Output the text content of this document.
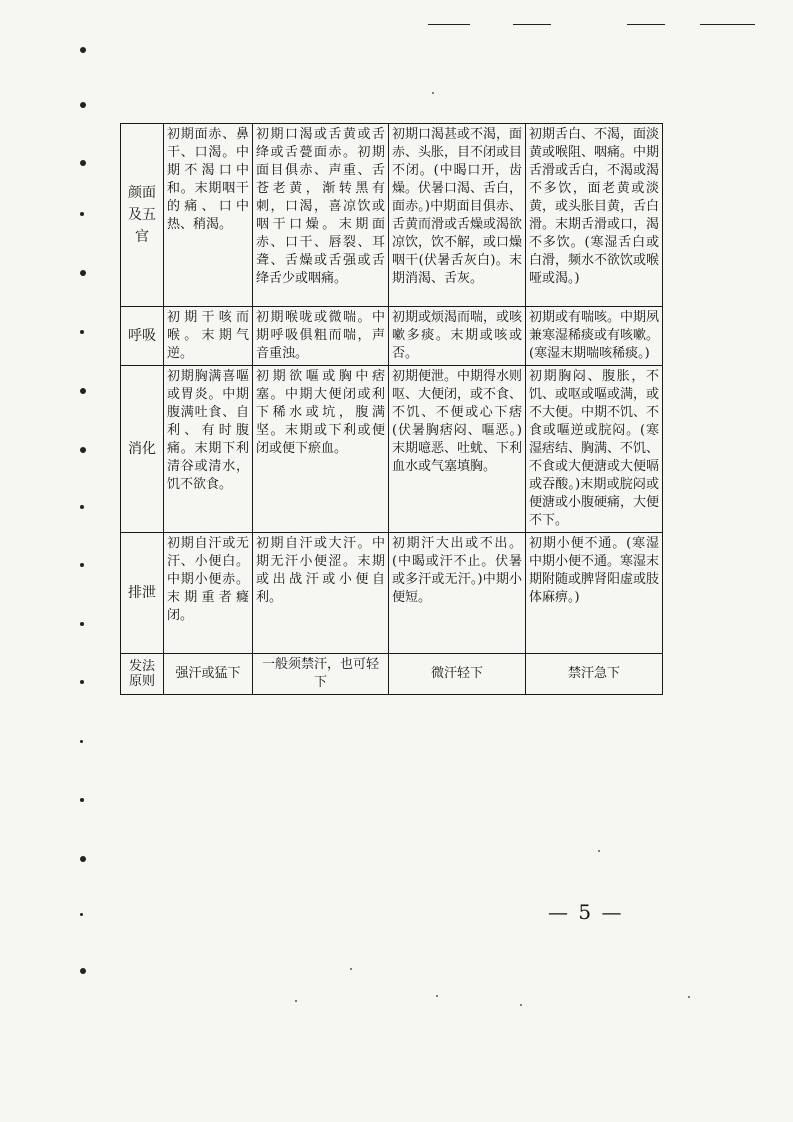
颜面及五官	初期面赤、鼻干、口渴。中期不渴口中和。末期咽干的痛、口中热、稍渴。	初期口渴或舌黄或舌绛或舌甍面赤。初期面目俱赤、声重、舌苍老黄，渐转黑有刺，口渴，喜凉饮或咽干口燥。末期面赤、口干、唇裂、耳聋、舌燥或舌强或舌绛舌少或咽痛。	初期口渴甚或不渴，面赤、头胀，目不闭或目不闭。(中暍口开，齿燥。伏暑口渴、舌白，面赤。)中期面目俱赤、舌黄而滑或舌燥或渴欲凉饮，饮不解，或口燥咽干(伏暑舌灰白)。末期消渴、舌灰。	初期舌白、不渴，面淡黄或喉阻、咽痛。中期舌滑或舌白，不渴或渴不多饮，面老黄或淡黄，或头胀目黄，舌白滑。末期舌滑或口，渴不多饮。(寒湿舌白或白滑，频水不欲饮或喉哑或渴。)
呼吸	初期干咳而喉。末期气逆。	初期喉咙或微喘。中期呼吸俱粗而喘，声音重浊。	初期或烦渴而喘，或咳嗽多痰。末期或咳或否。	初期或有喘咳。中期夙兼寒湿稀痰或有咳嗽。(寒湿末期喘咳稀痰。)
消化	初期胸满喜嘔或胃炎。中期腹满吐食、自利、有时腹痛。末期下利清谷或清水，饥不欲食。	初期欲嘔或胸中痞塞。中期大便闭或利下稀水或坑，腹满坚。末期或下利或便闭或便下瘀血。	初期便泄。中期得水则呕、大便闭，或不食、不饥、不便或心下痞(伏暑胸痞闷、嘔恶。)末期噫恶、吐蚘、下利血水或气塞填胸。	初期胸闷、腹胀，不饥、或呕或嘔或满，或不大便。中期不饥、不食或嘔逆或脘闷。(寒湿痞结、胸满、不饥、不食或大便溏或大便嗝或吞酸。)末期或脘闷或便溏或小腹硬痛，大便不下。
排泄	初期自汗或无汗、小便白。中期小便赤。末期重者癃闭。	初期自汗或大汗。中期无汗小便涩。末期或出战汗或小便自利。	初期汗大出或不出。(中暍或汗不止。伏暑或多汗或无汗。)中期小便短。	初期小便不通。(寒湿中期小便不通。寒湿末期附随或脾肾阳虚或肢体麻痹。)
发法原则	强汗或猛下	一般须禁汗，也可轻下	微汗轻下	禁汗急下
— 5 —
